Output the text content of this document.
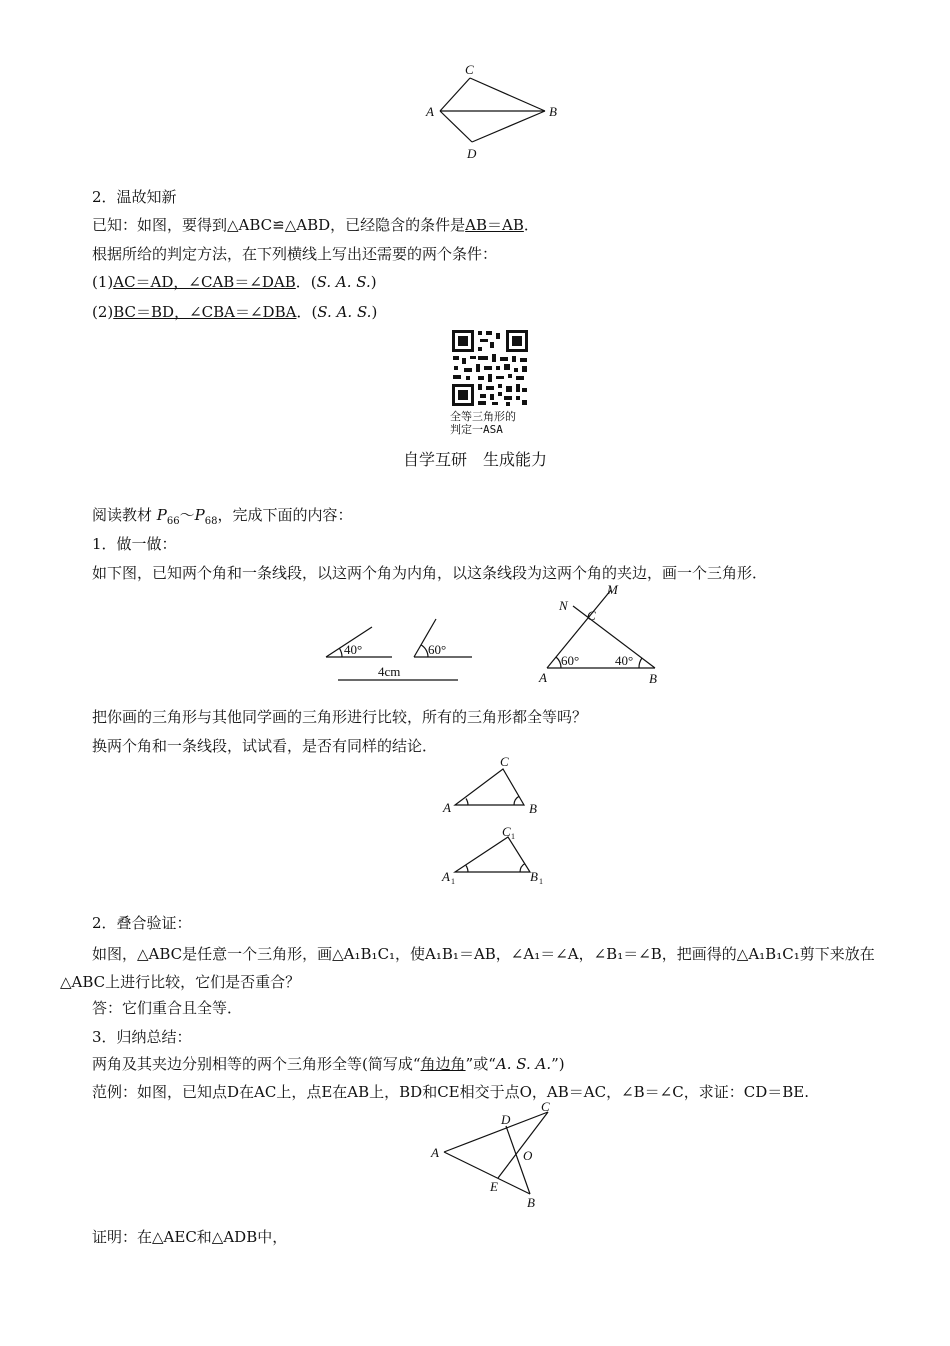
C
A	B
D
2．温故知新
已知：如图，要得到△ABC≌△ABD，已经隐含的条件是AB＝AB．
根据所给的判定方法，在下列横线上写出还需要的两个条件：
(1)AC＝AD，∠CAB＝∠DAB．(S. A. S.)
(2)BC＝BD，∠CBA＝∠DBA．(S. A. S.)
全等三角形的
判定一ASA
自学互研　生成能力
阅读教材 $P_{66}\sim P_{68}$，完成下面的内容：
1．做一做：
如下图，已知两个角和一条线段，以这两个角为内角，以这条线段为这两个角的夹边，画一个三角形．
40°	60°
4cm
N
M
C
A	B
60°	40°
把你画的三角形与其他同学画的三角形进行比较，所有的三角形都全等吗？
换两个角和一条线段，试试看，是否有同样的结论．
C
A	B
C 1
A 1	B 1
2．叠合验证：
如图，△ABC是任意一个三角形，画△A₁B₁C₁，使A₁B₁＝AB，∠A₁＝∠A，∠B₁＝∠B，把画得的△A₁B₁C₁剪下来放在△ABC上进行比较，它们是否重合？
答：它们重合且全等．
3．归纳总结：
两角及其夹边分别相等的两个三角形全等(简写成“角边角”或“A. S. A.”)
范例：如图，已知点D在AC上，点E在AB上，BD和CE相交于点O，AB＝AC，∠B＝∠C，求证：CD＝BE.
C
D
A	O
E
B
证明：在△AEC和△ADB中，
